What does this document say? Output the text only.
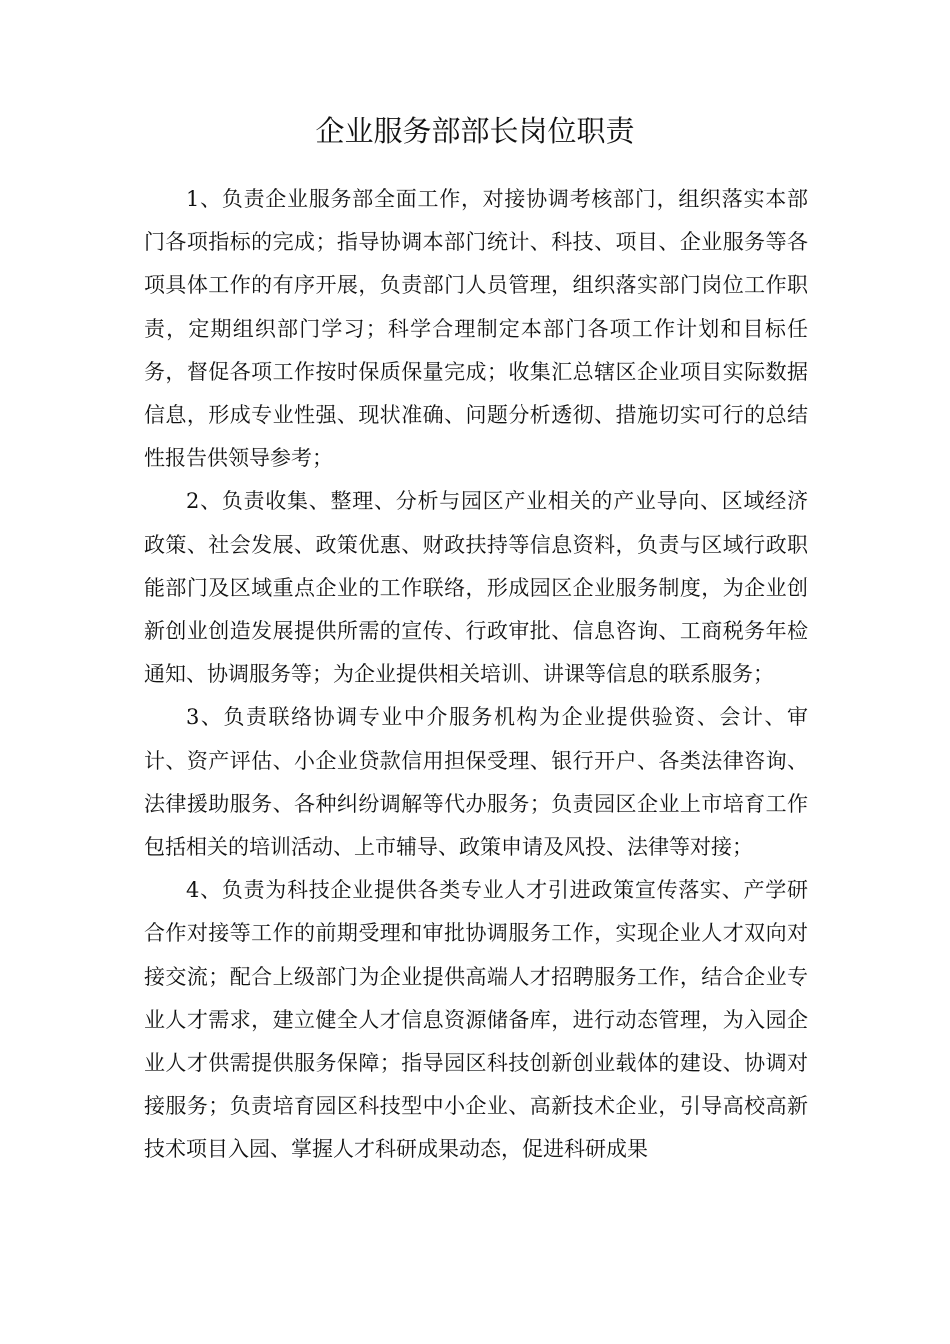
企业服务部部长岗位职责

1、负责企业服务部全面工作，对接协调考核部门，组织落实本部门各项指标的完成；指导协调本部门统计、科技、项目、企业服务等各项具体工作的有序开展，负责部门人员管理，组织落实部门岗位工作职责，定期组织部门学习；科学合理制定本部门各项工作计划和目标任务，督促各项工作按时保质保量完成；收集汇总辖区企业项目实际数据信息，形成专业性强、现状准确、问题分析透彻、措施切实可行的总结性报告供领导参考；

2、负责收集、整理、分析与园区产业相关的产业导向、区域经济政策、社会发展、政策优惠、财政扶持等信息资料，负责与区域行政职能部门及区域重点企业的工作联络，形成园区企业服务制度，为企业创新创业创造发展提供所需的宣传、行政审批、信息咨询、工商税务年检通知、协调服务等；为企业提供相关培训、讲课等信息的联系服务；

3、负责联络协调专业中介服务机构为企业提供验资、会计、审计、资产评估、小企业贷款信用担保受理、银行开户、各类法律咨询、法律援助服务、各种纠纷调解等代办服务；负责园区企业上市培育工作包括相关的培训活动、上市辅导、政策申请及风投、法律等对接；

4、负责为科技企业提供各类专业人才引进政策宣传落实、产学研合作对接等工作的前期受理和审批协调服务工作，实现企业人才双向对接交流；配合上级部门为企业提供高端人才招聘服务工作，结合企业专业人才需求，建立健全人才信息资源储备库，进行动态管理，为入园企业人才供需提供服务保障；指导园区科技创新创业载体的建设、协调对接服务；负责培育园区科技型中小企业、高新技术企业，引导高校高新技术项目入园、掌握人才科研成果动态，促进科研成果
